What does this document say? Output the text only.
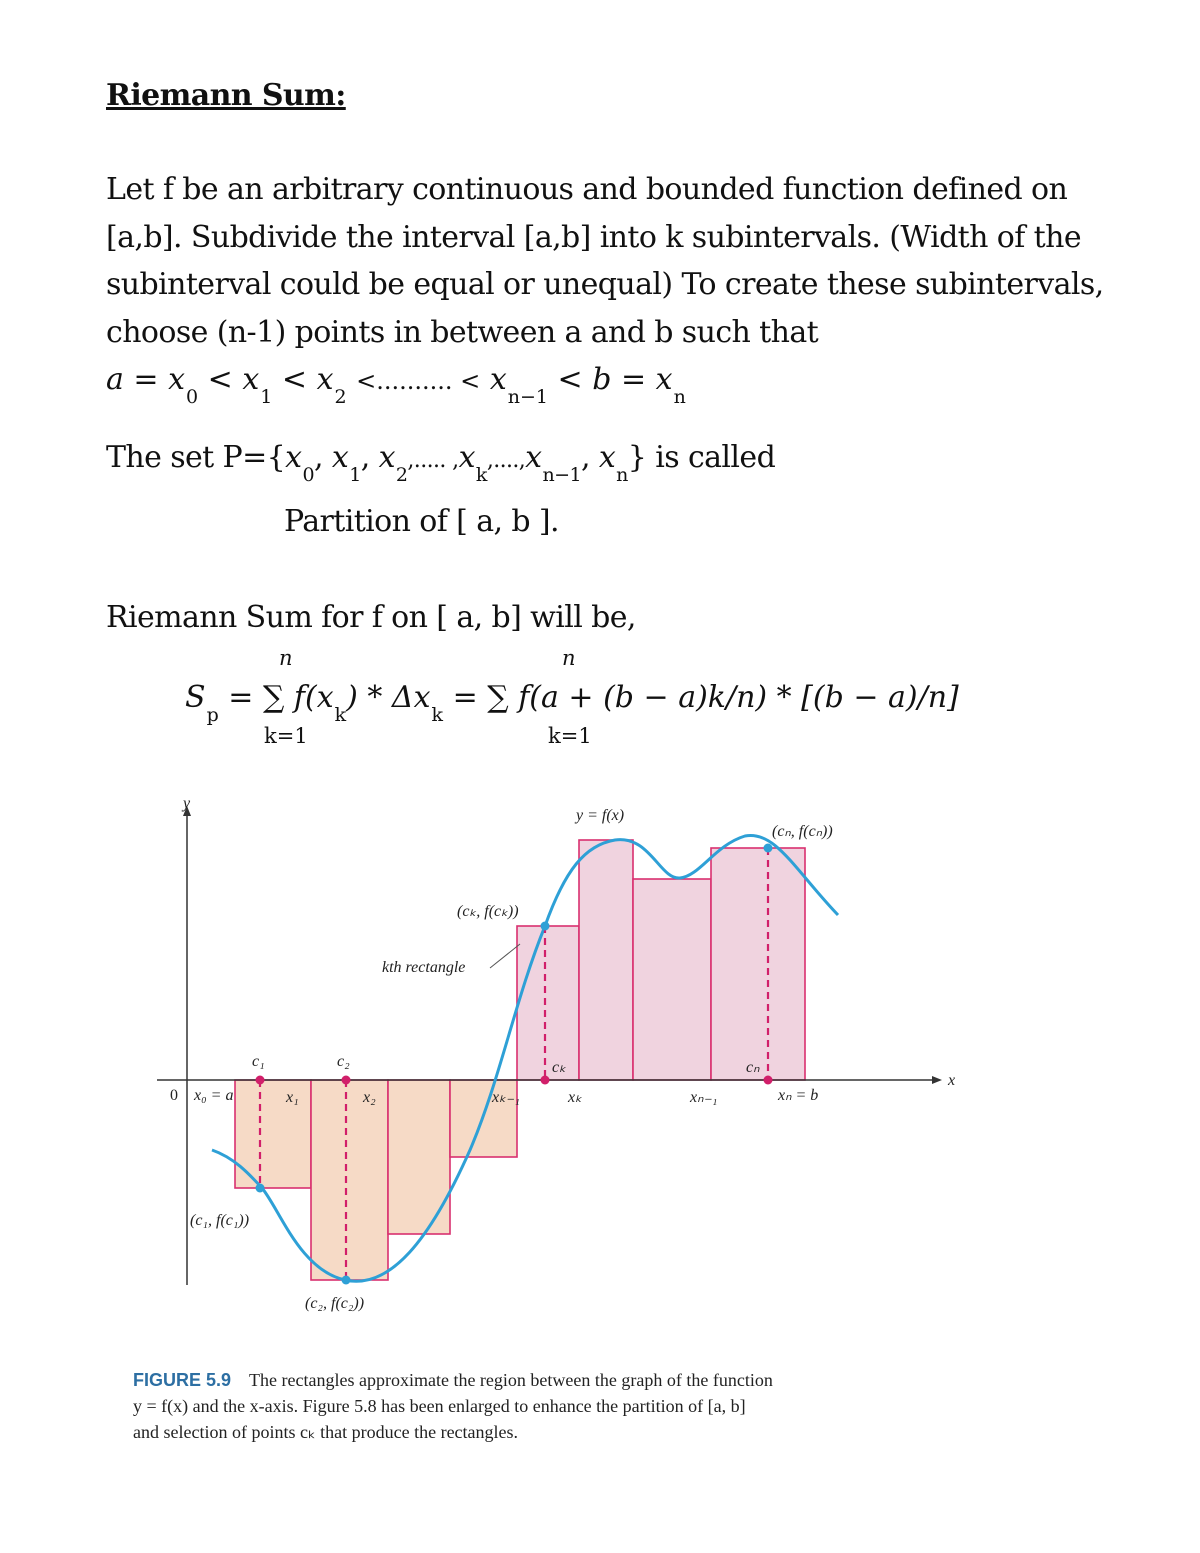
Riemann Sum:
Let f be an arbitrary continuous and bounded function defined on
[a,b]. Subdivide the interval [a,b] into k subintervals. (Width of the
subinterval could be equal or unequal) To create these subintervals,
choose (n-1) points in between a and b such that
$a = x_0 < x_1 < x_2$ <.......... < $x_{n-1} < b = x_n$
The set $P=\{x_0$, $x_1$, $x_2$,..... $,x_k,....,x_{n-1}$, $x_n$} is called
Partition of [ a, b ].
Riemann Sum for f on [ a, b] will be,
n
k=1
n
k=1
$S_p$ = ∑ $f(x_k) * \Delta x_k$ = ∑ f(a + (b − a)k/n) * [(b − a)/n]
y
x
0
y = f(x)
(cₙ, f(cₙ))
(cₖ, f(cₖ))
kth rectangle
(c₁, f(c₁))
(c₂, f(c₂))
c₁	c₂	cₖ	cₙ
x₀ = a	x₁	x₂	xₖ₋₁	xₖ	xₙ₋₁	xₙ = b
FIGURE 5.9 The rectangles approximate the region between the graph of the function
y = f(x) and the x-axis. Figure 5.8 has been enlarged to enhance the partition of [a, b]
and selection of points cₖ that produce the rectangles.
